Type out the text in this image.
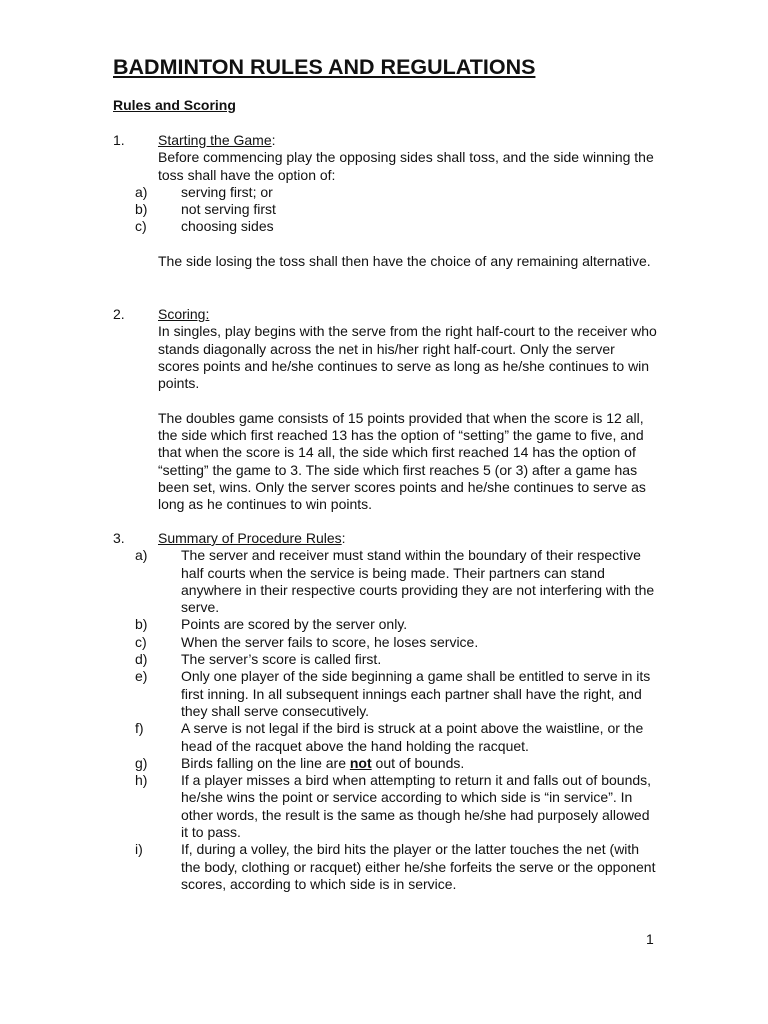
BADMINTON RULES AND REGULATIONS
Rules and Scoring
1. Starting the Game:

Before commencing play the opposing sides shall toss, and the side winning the toss shall have the option of:

a) serving first; or
b) not serving first
c) choosing sides

The side losing the toss shall then have the choice of any remaining alternative.

2. Scoring:

In singles, play begins with the serve from the right half-court to the receiver who stands diagonally across the net in his/her right half-court. Only the server scores points and he/she continues to serve as long as he/she continues to win points.

The doubles game consists of 15 points provided that when the score is 12 all, the side which first reached 13 has the option of “setting” the game to five, and that when the score is 14 all, the side which first reached 14 has the option of “setting” the game to 3. The side which first reaches 5 (or 3) after a game has been set, wins. Only the server scores points and he/she continues to serve as long as he continues to win points.

3. Summary of Procedure Rules:
a) The server and receiver must stand within the boundary of their respective half courts when the service is being made. Their partners can stand anywhere in their respective courts providing they are not interfering with the serve.
b) Points are scored by the server only.
c) When the server fails to score, he loses service.
d) The server’s score is called first.
e) Only one player of the side beginning a game shall be entitled to serve in its first inning. In all subsequent innings each partner shall have the right, and they shall serve consecutively.
f)	A serve is not legal if the bird is struck at a point above the waistline, or the head of the racquet above the hand holding the racquet.
g) Birds falling on the line are not out of bounds.
h) If a player misses a bird when attempting to return it and falls out of bounds, he/she wins the point or service according to which side is “in service”. In other words, the result is the same as though he/she had purposely allowed it to pass.
i)	If, during a volley, the bird hits the player or the latter touches the net (with the body, clothing or racquet) either he/she forfeits the serve or the opponent scores, according to which side is in service.
1
